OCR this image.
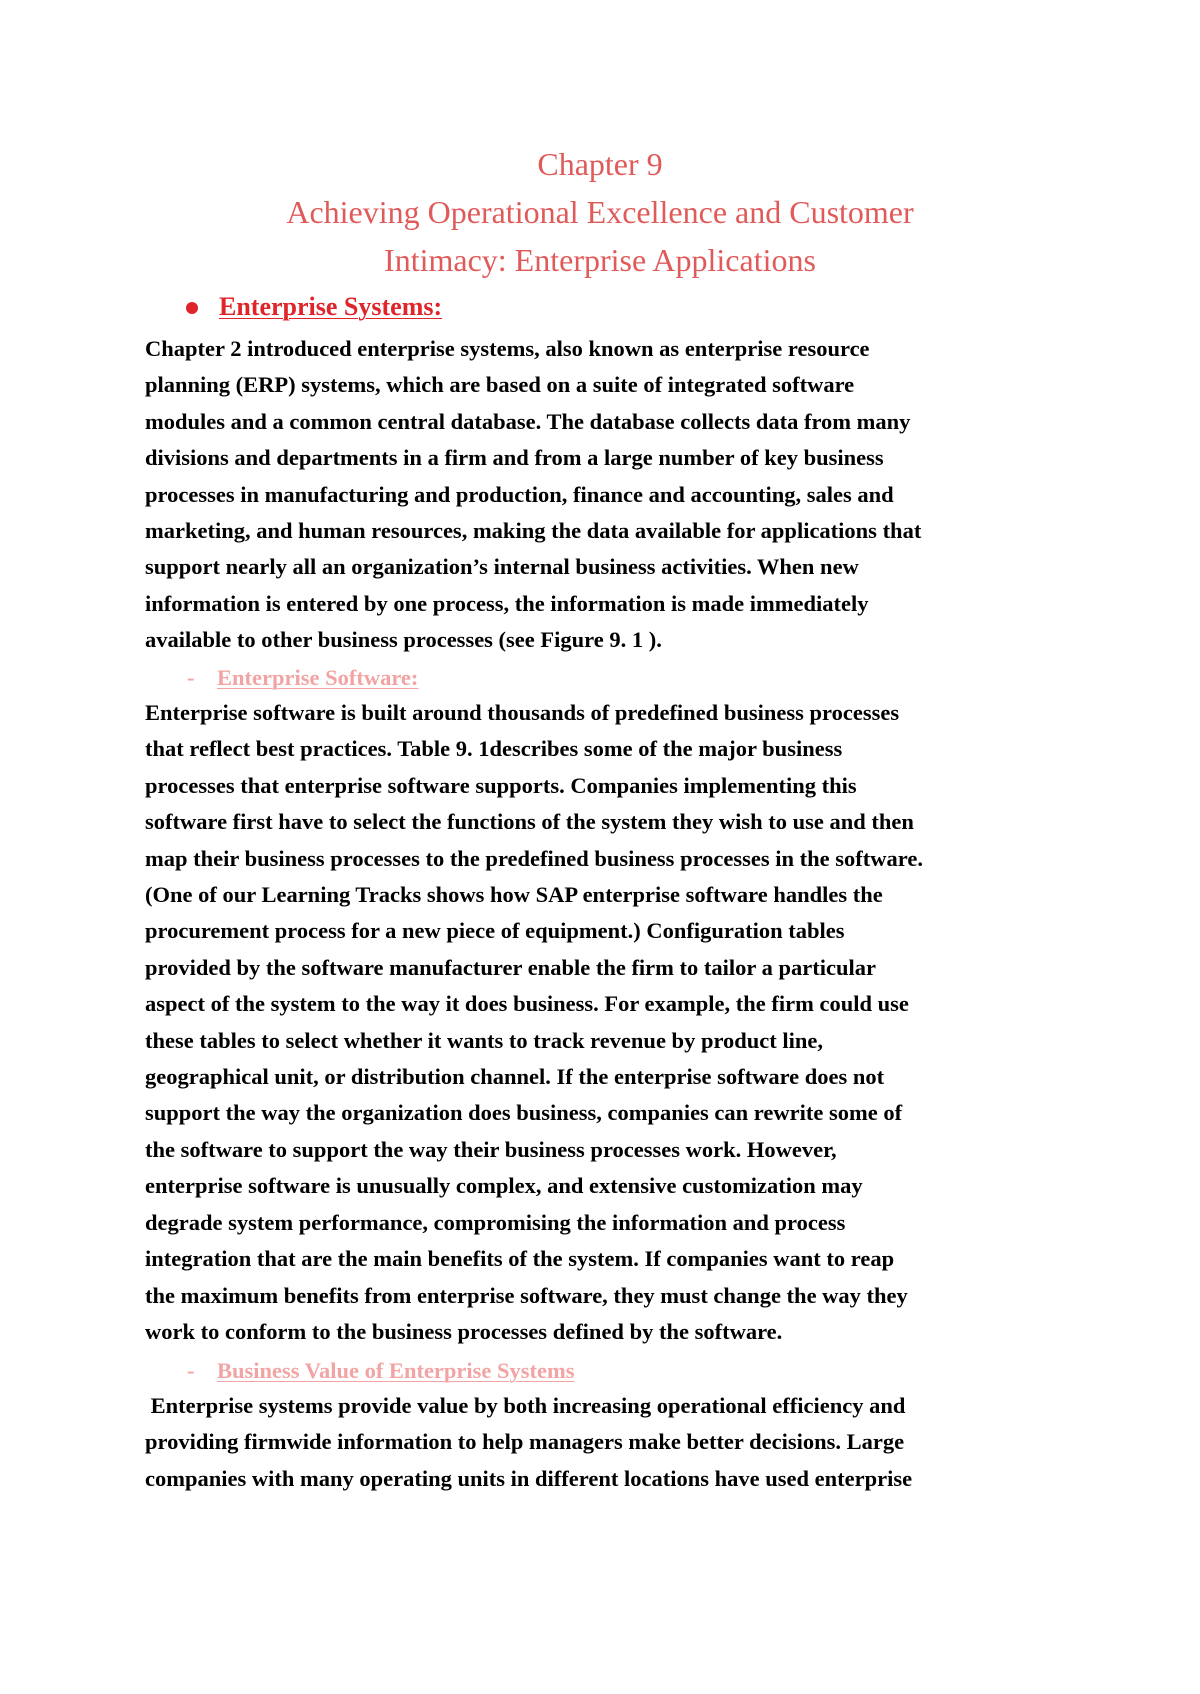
Chapter 9
Achieving Operational Excellence and Customer
Intimacy: Enterprise Applications
Enterprise Systems:
Chapter 2 introduced enterprise systems, also known as enterprise resource
planning (ERP) systems, which are based on a suite of integrated software
modules and a common central database. The database collects data from many
divisions and departments in a firm and from a large number of key business
processes in manufacturing and production, finance and accounting, sales and
marketing, and human resources, making the data available for applications that
support nearly all an organization’s internal business activities. When new
information is entered by one process, the information is made immediately
available to other business processes (see Figure 9. 1 ).
- Enterprise Software:
Enterprise software is built around thousands of predefined business processes
that reflect best practices. Table 9. 1describes some of the major business
processes that enterprise software supports. Companies implementing this
software first have to select the functions of the system they wish to use and then
map their business processes to the predefined business processes in the software.
(One of our Learning Tracks shows how SAP enterprise software handles the
procurement process for a new piece of equipment.) Configuration tables
provided by the software manufacturer enable the firm to tailor a particular
aspect of the system to the way it does business. For example, the firm could use
these tables to select whether it wants to track revenue by product line,
geographical unit, or distribution channel. If the enterprise software does not
support the way the organization does business, companies can rewrite some of
the software to support the way their business processes work. However,
enterprise software is unusually complex, and extensive customization may
degrade system performance, compromising the information and process
integration that are the main benefits of the system. If companies want to reap
the maximum benefits from enterprise software, they must change the way they
work to conform to the business processes defined by the software.
- Business Value of Enterprise Systems
Enterprise systems provide value by both increasing operational efficiency and
providing firmwide information to help managers make better decisions. Large
companies with many operating units in different locations have used enterprise
